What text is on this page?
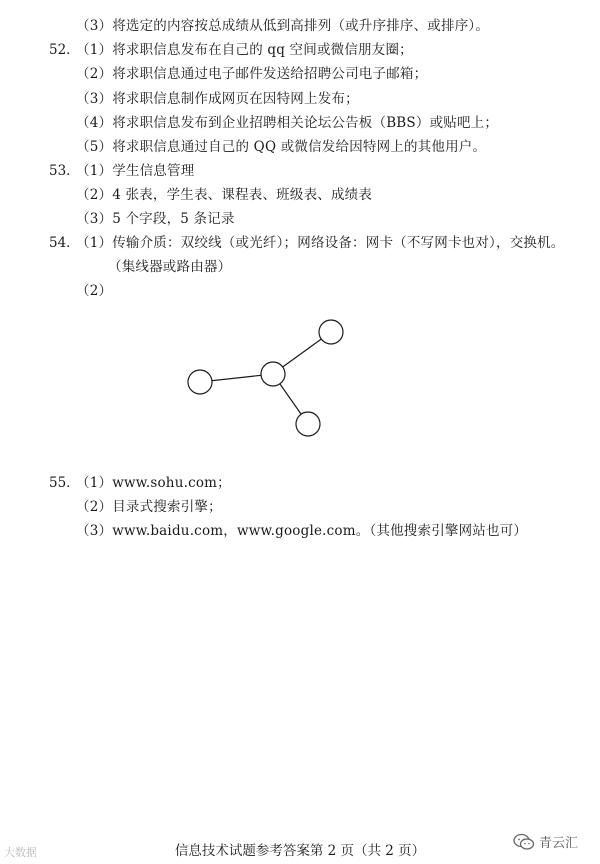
（3）将选定的内容按总成绩从低到高排列（或升序排序、或排序）。
52．
（1）将求职信息发布在自己的 qq 空间或微信朋友圈；
（2）将求职信息通过电子邮件发送给招聘公司电子邮箱；
（3）将求职信息制作成网页在因特网上发布；
（4）将求职信息发布到企业招聘相关论坛公告板（BBS）或贴吧上；
（5）将求职信息通过自己的 QQ 或微信发给因特网上的其他用户。
53．
（1）学生信息管理
（2）4 张表，学生表、课程表、班级表、成绩表
（3）5 个字段，5 条记录
54．
（1）传输介质：双绞线（或光纤）；网络设备：网卡（不写网卡也对），交换机。
（集线器或路由器）
（2）
55．
（1）www.sohu.com；
（2）目录式搜索引擎；
（3）www.baidu.com，www.google.com。（其他搜索引擎网站也可）
信息技术试题参考答案第 2 页（共 2 页）
大数据
青云汇
